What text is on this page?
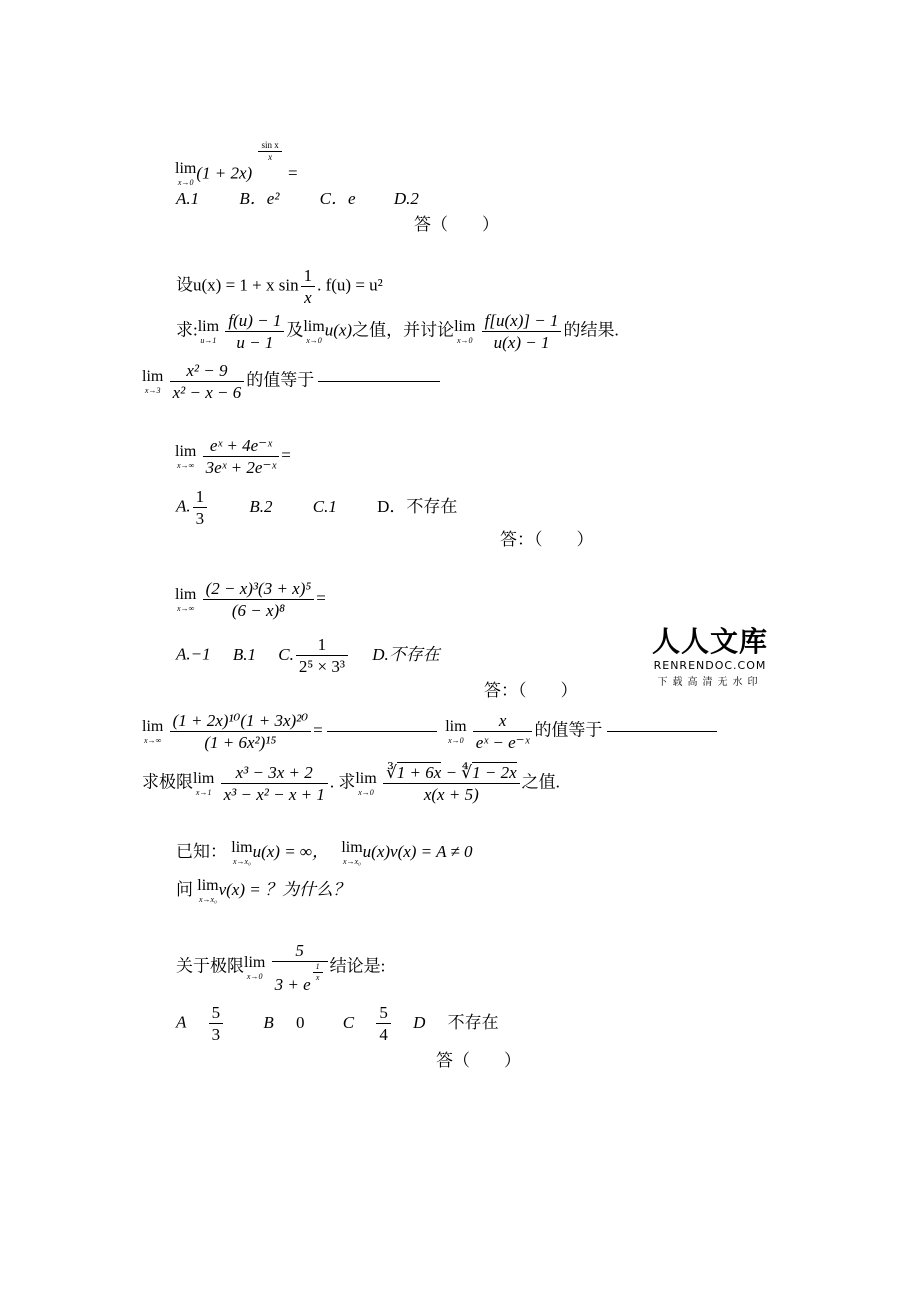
lim
x→0
(1 + 2x)
$\frac{\text{sin x}}{x}$
=
A.1 B．e² C．e D.2
答（　　）
设u(x) = 1 + x $\sin \frac{1}{x}$ . f(u) = u²
求: lim
u→1
$\frac{f(u) - 1}{u - 1}$ 及 lim
x→0
u(x)之值，并讨论 lim
x→0
$\frac{f[u(x)] - 1}{u(x) - 1}$ 的结果.
lim
x→3
$\frac{\text{x² − 9}}{\text{x² − x − 6}}$ 的值等于
lim
x→∞
$\frac{\text{eˣ + 4e⁻ˣ}}{\text{3eˣ + 2e⁻ˣ}}$ =
A. $\frac{1}{3} B.2$ C.1 D．不存在
答：（　　）
lim
x→∞
$\frac{\text{(2 − x)³(3 + x)⁵}}{\text{(6 − x)⁸}}$ =
A.−1 B.1 C. $\frac{1}{\text{2⁵ × 3³}} D$.不存在
答：（　　）
人人文库
RENRENDOC.COM
下载高清无水印
lim
x→∞
$\frac{\text{(1 + 2x)¹⁰(1 + 3x)²⁰}}{\text{(1 + 6x²)¹⁵}}$ =	lim
x→0
$\frac{x}{\text{eˣ − e⁻ˣ}}$ 的值等于
求极限 lim
x→1
$\frac{\text{x³ − 3x + 2}}{\text{x³ − x² − x + 1}}$ . 求 lim
x→0
$\frac{∛1 + 6x - ∜1 - 2x}{x(x + 5)}$ 之值.
已知： lim
x→x₀
u(x) = ∞， lim
x→x₀
u(x)v(x) = A ≠ 0
问 lim
x→x₀
v(x) = ？为什么？
关于极限 lim
x→0
5
3 + e
$\frac{1}{x}$ 结论是:
A $\frac{5}{3}$ B 0 C $\frac{5}{4}$ D 不存在
答（　　）
